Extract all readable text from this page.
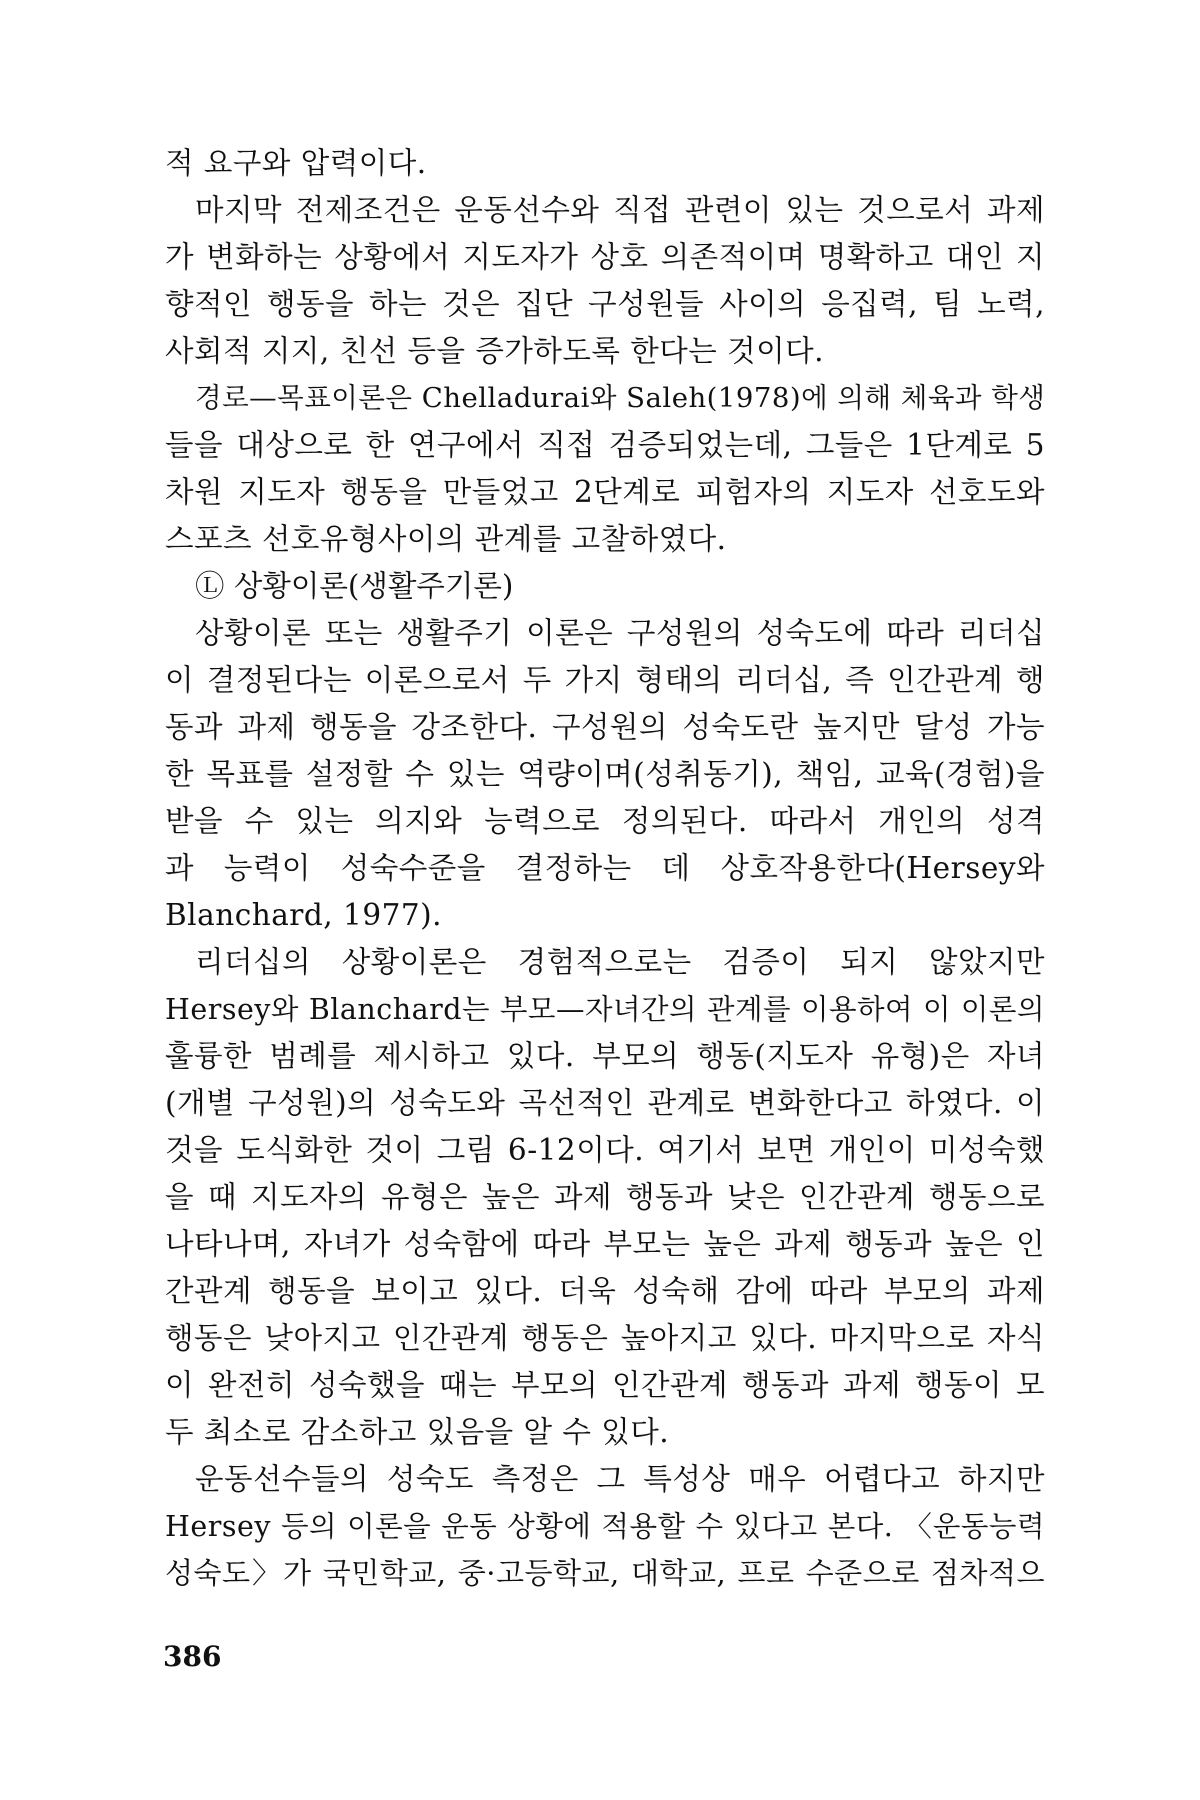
적 요구와 압력이다.
마지막 전제조건은 운동선수와 직접 관련이 있는 것으로서 과제
가 변화하는 상황에서 지도자가 상호 의존적이며 명확하고 대인 지
향적인 행동을 하는 것은 집단 구성원들 사이의 응집력, 팀 노력,
사회적 지지, 친선 등을 증가하도록 한다는 것이다.
경로—목표이론은 Chelladurai와 Saleh(1978)에 의해 체육과 학생
들을 대상으로 한 연구에서 직접 검증되었는데, 그들은 1단계로 5
차원 지도자 행동을 만들었고 2단계로 피험자의 지도자 선호도와
스포츠 선호유형사이의 관계를 고찰하였다.
Ⓛ 상황이론(생활주기론)
상황이론 또는 생활주기 이론은 구성원의 성숙도에 따라 리더십
이 결정된다는 이론으로서 두 가지 형태의 리더십, 즉 인간관계 행
동과 과제 행동을 강조한다. 구성원의 성숙도란 높지만 달성 가능
한 목표를 설정할 수 있는 역량이며(성취동기), 책임, 교육(경험)을
받을 수 있는 의지와 능력으로 정의된다. 따라서 개인의 성격
과 능력이 성숙수준을 결정하는 데 상호작용한다(Hersey와
Blanchard, 1977).
리더십의 상황이론은 경험적으로는 검증이 되지 않았지만
Hersey와 Blanchard는 부모—자녀간의 관계를 이용하여 이 이론의
훌륭한 범례를 제시하고 있다. 부모의 행동(지도자 유형)은 자녀
(개별 구성원)의 성숙도와 곡선적인 관계로 변화한다고 하였다. 이
것을 도식화한 것이 그림 6-12이다. 여기서 보면 개인이 미성숙했
을 때 지도자의 유형은 높은 과제 행동과 낮은 인간관계 행동으로
나타나며, 자녀가 성숙함에 따라 부모는 높은 과제 행동과 높은 인
간관계 행동을 보이고 있다. 더욱 성숙해 감에 따라 부모의 과제
행동은 낮아지고 인간관계 행동은 높아지고 있다. 마지막으로 자식
이 완전히 성숙했을 때는 부모의 인간관계 행동과 과제 행동이 모
두 최소로 감소하고 있음을 알 수 있다.
운동선수들의 성숙도 측정은 그 특성상 매우 어렵다고 하지만
Hersey 등의 이론을 운동 상황에 적용할 수 있다고 본다. 〈운동능력
성숙도〉가 국민학교, 중·고등학교, 대학교, 프로 수준으로 점차적으
386
